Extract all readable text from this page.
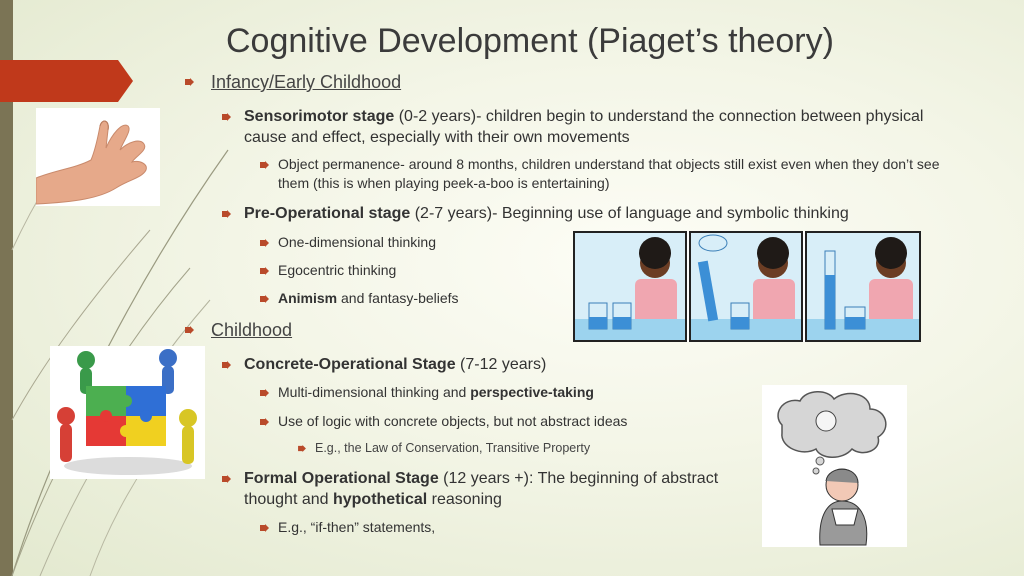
Cognitive Development (Piaget’s theory)
Infancy/Early Childhood
Sensorimotor stage (0-2 years)- children begin to understand the connection between physical cause and effect, especially with their own movements
Object permanence- around 8 months, children understand that objects still exist even when they don’t see them (this is when playing peek-a-boo is entertaining)
Pre-Operational stage (2-7 years)- Beginning use of language and symbolic thinking
One-dimensional thinking
Egocentric thinking
Animism and fantasy-beliefs
Childhood
Concrete-Operational Stage (7-12 years)
Multi-dimensional thinking and perspective-taking
Use of logic with concrete objects, but not abstract ideas
E.g., the Law of Conservation, Transitive Property
Formal Operational Stage (12 years +): The beginning of abstract thought and hypothetical reasoning
E.g., “if-then” statements,
